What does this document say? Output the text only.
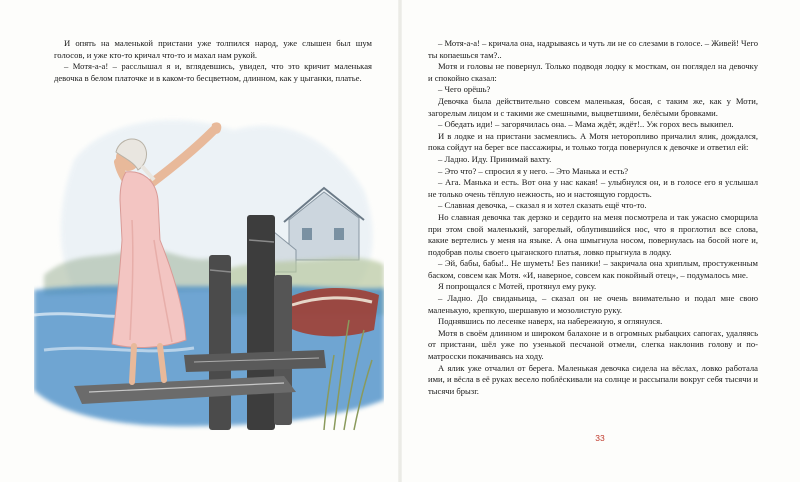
И опять на маленькой пристани уже толпился народ, уже слышен был шум голосов, и уже кто-то кричал что-то и махал нам рукой.

– Мотя-а-а! – расслышал я и, вглядевшись, увидел, что это кричит маленькая девочка в белом платочке и в каком-то бесцветном, длинном, как у цыганки, платье.

33

– Мотя-а-а! – кричала она, надрываясь и чуть ли не со слезами в голосе. – Живей! Чего ты копаешься там?..

Мотя и головы не повернул. Только подводя лодку к мосткам, он поглядел на девочку и спокойно сказал:

– Чего орёшь?

Девочка была действительно совсем маленькая, босая, с таким же, как у Моти, загорелым лицом и с такими же смешными, выцветшими, белёсыми бровками.

– Обедать иди! – загорячилась она. – Мама ждёт, ждёт!.. Уж горох весь выкипел.

И в лодке и на пристани засмеялись. А Мотя неторопливо причалил ялик, дождался, пока сойдут на берег все пассажиры, и только тогда повернулся к девочке и ответил ей:

– Ладно. Иду. Принимай вахту.

– Это что? – спросил я у него. – Это Манька и есть?

– Ага. Манька и есть. Вот она у нас какая! – улыбнулся он, и в голосе его я услышал не только очень тёплую нежность, но и настоящую гордость.

– Славная девочка, – сказал я и хотел сказать ещё что-то.

Но славная девочка так дерзко и сердито на меня посмотрела и так ужасно сморщила при этом свой маленький, загорелый, облупившийся нос, что я проглотил все слова, какие вертелись у меня на языке. А она шмыгнула носом, повернулась на босой ноге и, подобрав полы своего цыганского платья, ловко прыгнула в лодку.

– Эй, бабы, бабы!.. Не шуметь! Без паники! – закричала она хриплым, простуженным баском, совсем как Мотя. «И, наверное, совсем как покойный отец», – подумалось мне.

Я попрощался с Мотей, протянул ему руку.

– Ладно. До свиданьица, – сказал он не очень внимательно и подал мне свою маленькую, крепкую, шершавую и мозолистую руку.

Поднявшись по лесенке наверх, на набережную, я оглянулся.

Мотя в своём длинном и широком балахоне и в огромных рыбацких сапогах, удаляясь от пристани, шёл уже по узенькой песчаной отмели, слегка наклонив голову и по-матросски покачиваясь на ходу.

А ялик уже отчалил от берега. Маленькая девочка сидела на вёслах, ловко работала ими, и вёсла в её руках весело поблёскивали на солнце и рассыпали вокруг себя тысячи и тысячи брызг.
